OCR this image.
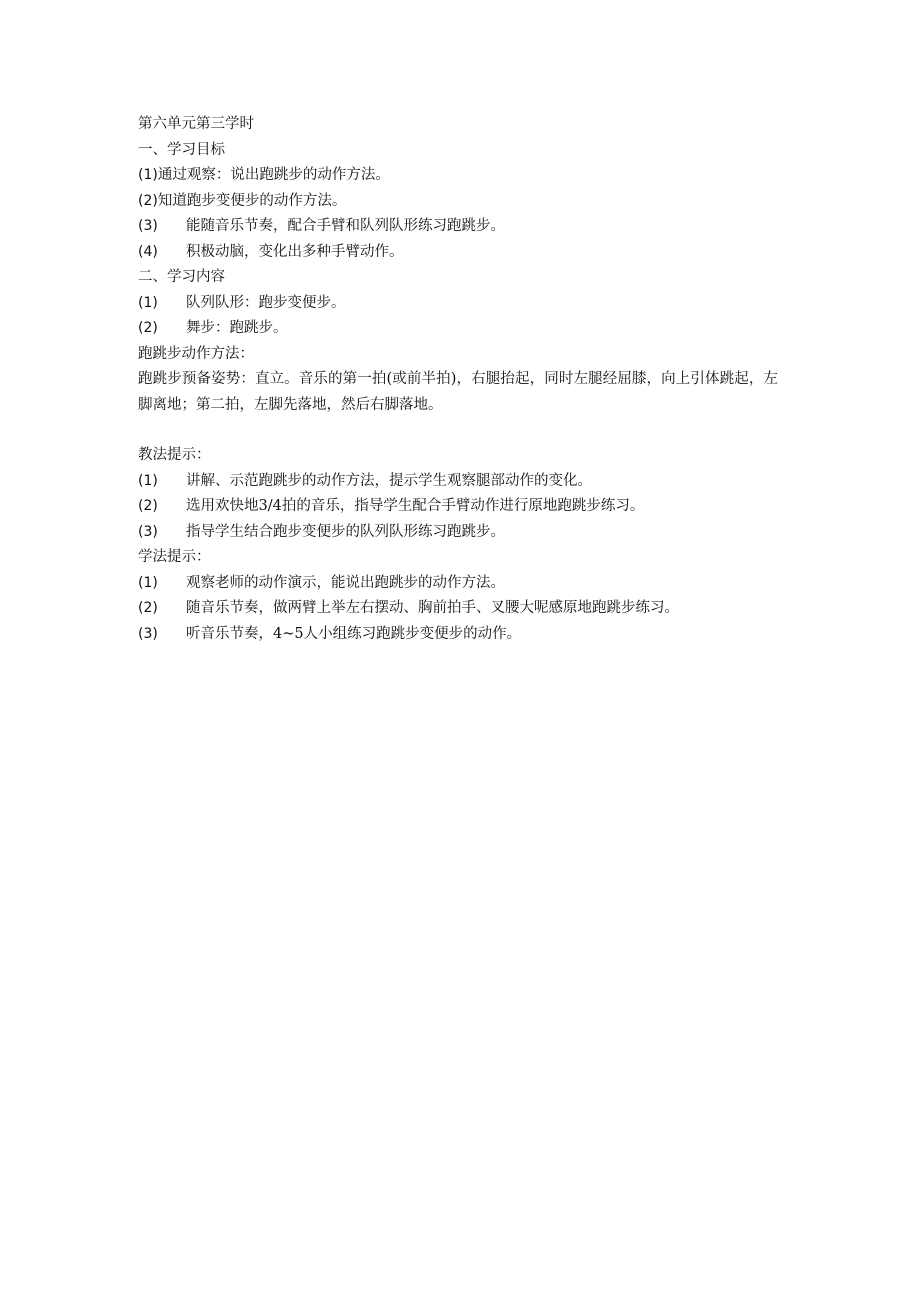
第六单元第三学时
一、学习目标
(1) 通过观察：说出跑跳步的动作方法。
(2) 知道跑步变便步的动作方法。
(3)	能随音乐节奏，配合手臂和队列队形练习跑跳步。
(4)	积极动脑，变化出多种手臂动作。
二、学习内容
(1)	队列队形：跑步变便步。
(2)	舞步：跑跳步。
跑跳步动作方法：
跑跳步预备姿势：直立。音乐的第一拍(或前半拍)，右腿抬起，同时左腿经屈膝，向上引体跳起，左脚离地；第二拍，左脚先落地，然后右脚落地。
教法提示：
(1)	讲解、示范跑跳步的动作方法，提示学生观察腿部动作的变化。
(2)	选用欢快地3/4拍的音乐，指导学生配合手臂动作进行原地跑跳步练习。
(3)	指导学生结合跑步变便步的队列队形练习跑跳步。
学法提示：
(1)	观察老师的动作演示，能说出跑跳步的动作方法。
(2)	随音乐节奏，做两臂上举左右摆动、胸前拍手、叉腰大呢感原地跑跳步练习。
(3)	听音乐节奏，4~5人小组练习跑跳步变便步的动作。
